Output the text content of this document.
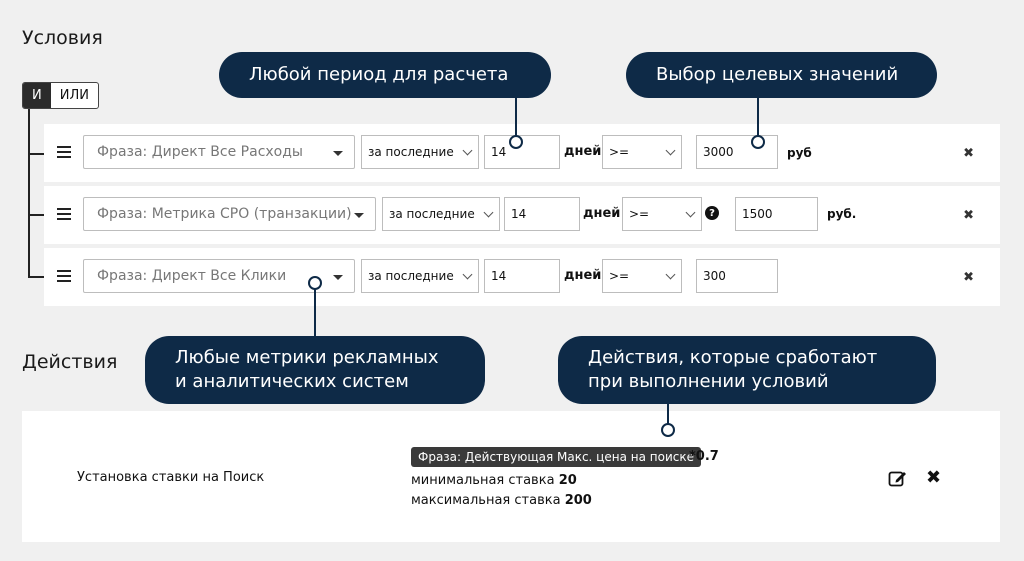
Условия
И	ИЛИ
Фраза: Директ Все Расходы	за последние	14	дней >=	3000	руб	✖
Фраза: Метрика CPO (транзакции)	за последние	14	дней >=	?	1500	руб.	✖
Фраза: Директ Все Клики	за последние	14	дней >=	300	✖
Любой период для расчета	Выбор целевых значений
Действия	Любые метрики рекламных
и аналитических систем
Действия, которые сработают
при выполнении условий
Установка ставки на Поиск
Фраза: Действующая Макс. цена на поиске
*0.7
минимальная ставка 20
максимальная ставка 200
✖
